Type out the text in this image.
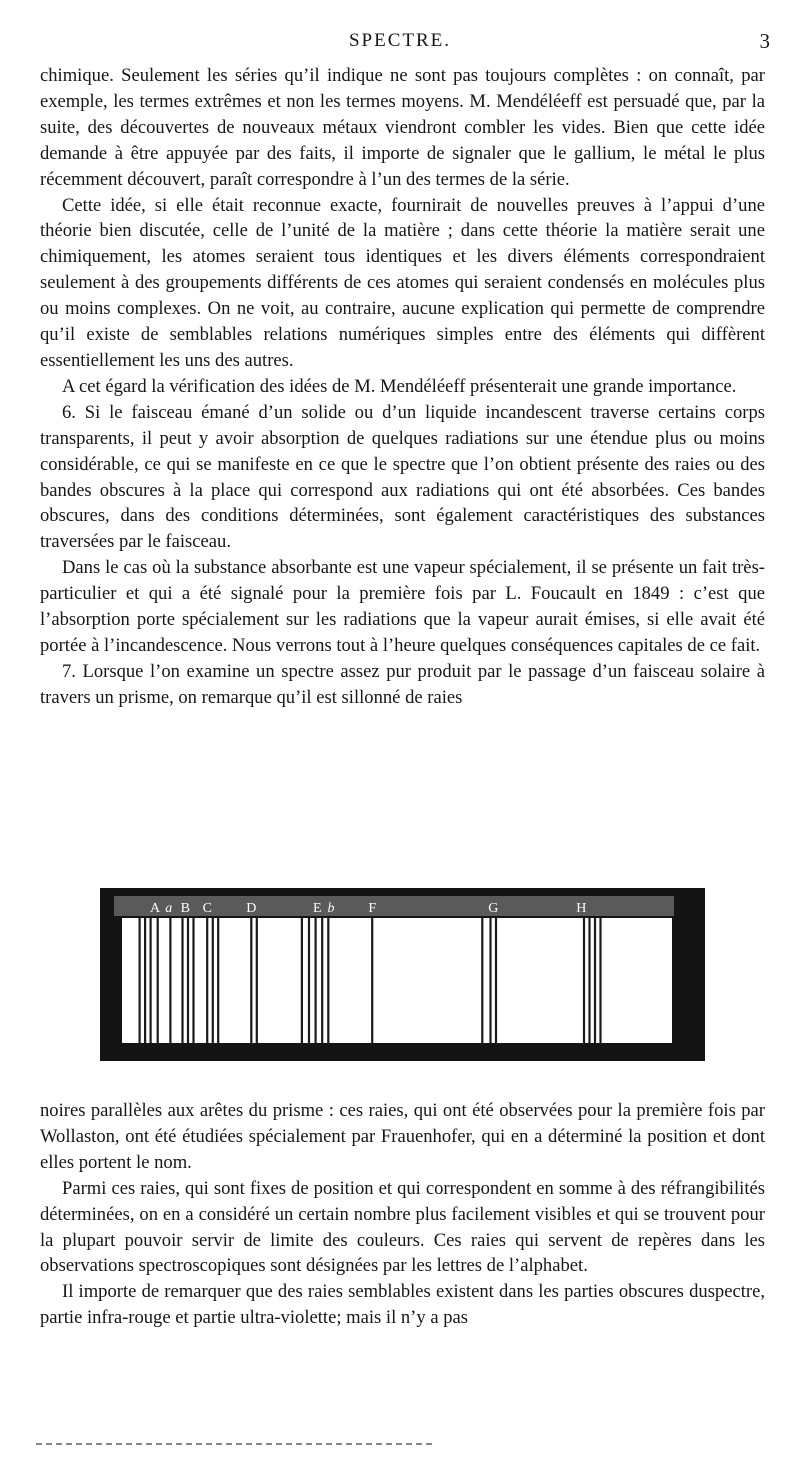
SPECTRE.	3

chimique. Seulement les séries qu’il indique ne sont pas toujours complètes : on connaît, par exemple, les termes extrêmes et non les termes moyens. M. Mendéléeff est persuadé que, par la suite, des découvertes de nouveaux métaux viendront combler les vides. Bien que cette idée demande à être appuyée par des faits, il importe de signaler que le gallium, le métal le plus récemment découvert, paraît correspondre à l’un des termes de la série.

Cette idée, si elle était reconnue exacte, fournirait de nouvelles preuves à l’appui d’une théorie bien discutée, celle de l’unité de la matière ; dans cette théorie la matière serait une chimiquement, les atomes seraient tous identiques et les divers éléments correspondraient seulement à des groupements différents de ces atomes qui seraient condensés en molécules plus ou moins complexes. On ne voit, au contraire, aucune explication qui permette de comprendre qu’il existe de semblables relations numériques simples entre des éléments qui diffèrent essentiellement les uns des autres.

A cet égard la vérification des idées de M. Mendéléeff présenterait une grande importance.

6. Si le faisceau émané d’un solide ou d’un liquide incandescent traverse certains corps transparents, il peut y avoir absorption de quelques radiations sur une étendue plus ou moins considérable, ce qui se manifeste en ce que le spectre que l’on obtient présente des raies ou des bandes obscures à la place qui correspond aux radiations qui ont été absorbées. Ces bandes obscures, dans des conditions déterminées, sont également caractéristiques des substances traversées par le faisceau.

Dans le cas où la substance absorbante est une vapeur spécialement, il se présente un fait très-particulier et qui a été signalé pour la première fois par L. Foucault en 1849 : c’est que l’absorption porte spécialement sur les radiations que la vapeur aurait émises, si elle avait été portée à l’incandescence. Nous verrons tout à l’heure quelques conséquences capitales de ce fait.

7. Lorsque l’on examine un spectre assez pur produit par le passage d’un faisceau solaire à travers un prisme, on remarque qu’il est sillonné de raies

A a B C D	E b F	G	H

noires parallèles aux arêtes du prisme : ces raies, qui ont été observées pour la première fois par Wollaston, ont été étudiées spécialement par Frauenhofer, qui en a déterminé la position et dont elles portent le nom.

Parmi ces raies, qui sont fixes de position et qui correspondent en somme à des réfrangibilités déterminées, on en a considéré un certain nombre plus facilement visibles et qui se trouvent pour la plupart pouvoir servir de limite des couleurs. Ces raies qui servent de repères dans les observations spectroscopiques sont désignées par les lettres de l’alphabet.

Il importe de remarquer que des raies semblables existent dans les parties obscures duspectre, partie infra-rouge et partie ultra-violette; mais il n’y a pas
